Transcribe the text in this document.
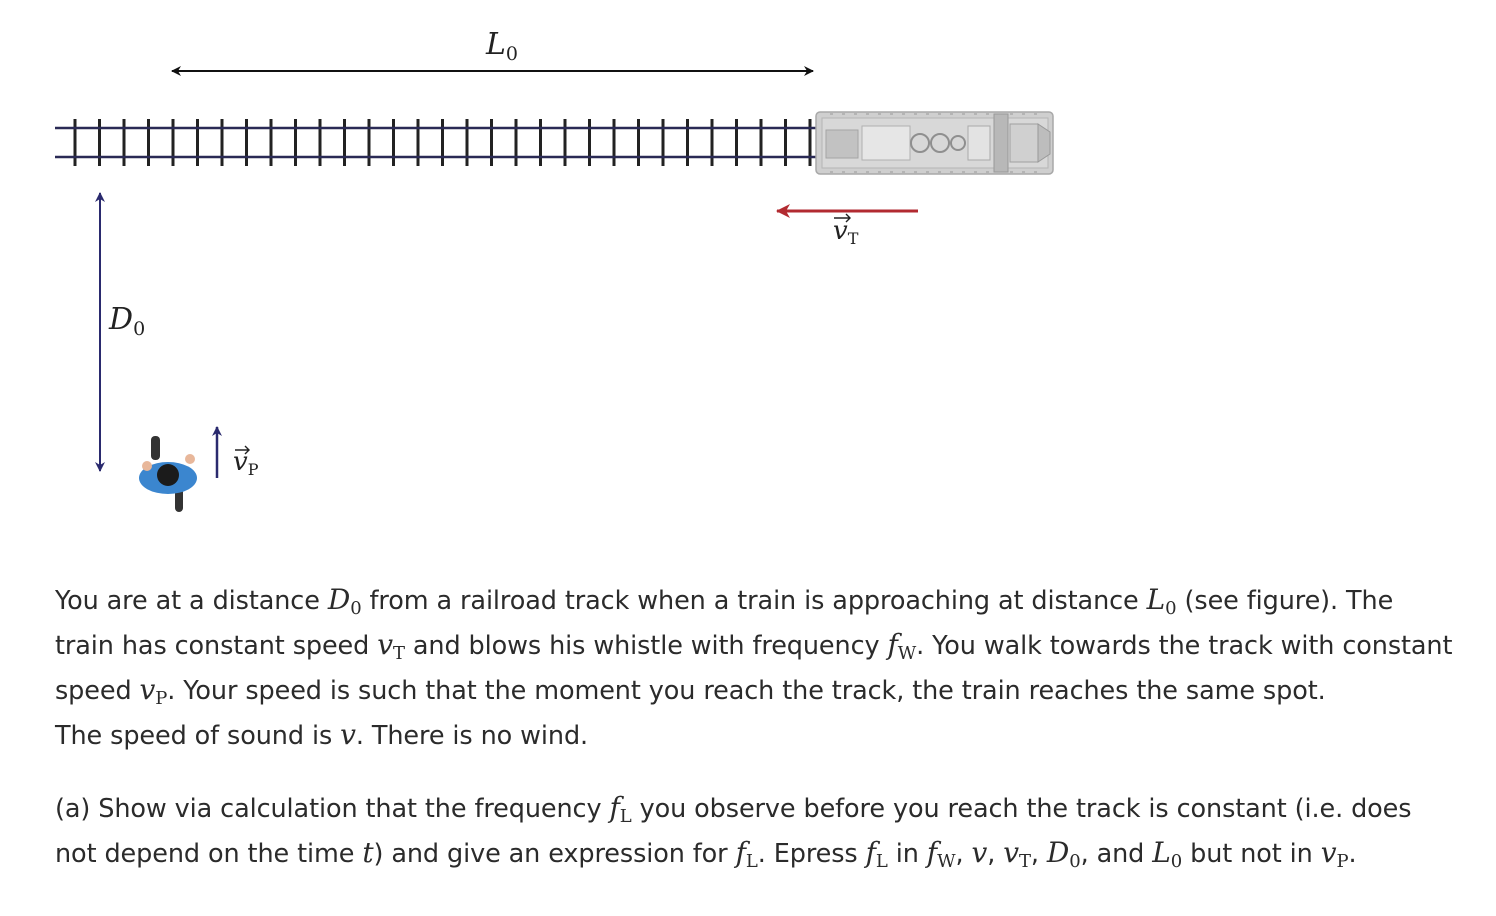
$L_0$
vT
$D_0$
vP

You are at a distance $D_0$ from a railroad track when a train is approaching at distance $L_0$ (see figure). The train has constant speed $v_T$ and blows his whistle with frequency $f_W$. You walk towards the track with constant speed $v_P$. Your speed is such that the moment you reach the track, the train reaches the same spot.

The speed of sound is v. There is no wind.

(a) Show via calculation that the frequency $f_L$ you observe before you reach the track is constant (i.e. does not depend on the time t) and give an expression for $f_L$. Epress $f_L$ in $f_W$, v, $v_T$, $D_0$, and $L_0$ but not in $v_P$.
